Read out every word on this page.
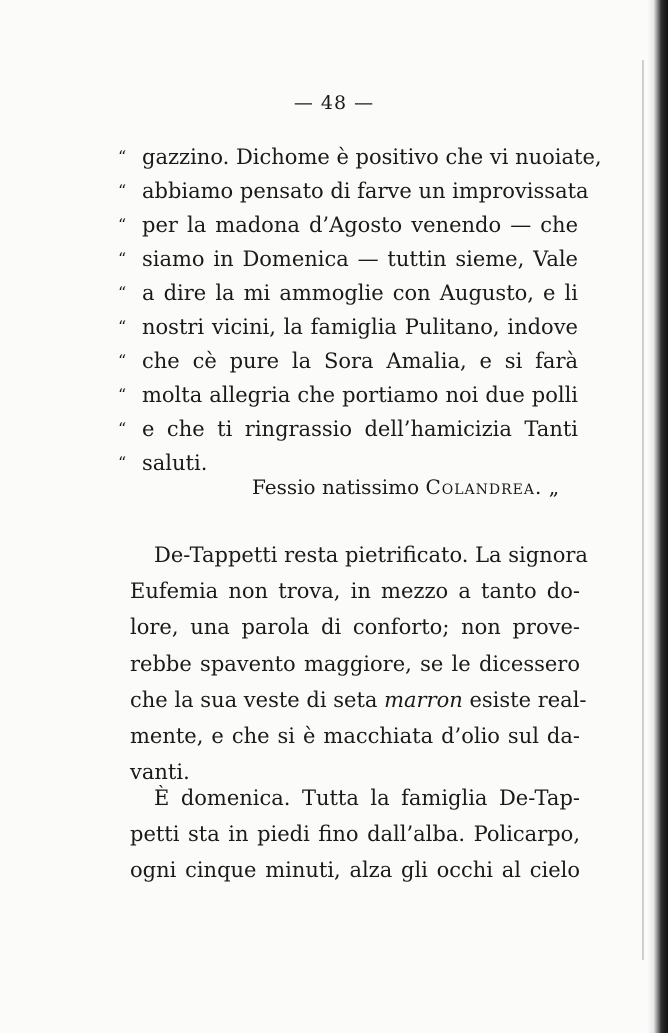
— 48 —
“ gazzino. Dichome è positivo che vi nuoiate,
“ abbiamo pensato di farve un improvissata
“ per la madona d’Agosto venendo — che
“ siamo in Domenica — tuttin sieme, Vale
“ a dire la mi ammoglie con Augusto, e li
“ nostri vicini, la famiglia Pulitano, indove
“ che cè pure la Sora Amalia, e si farà
“ molta allegria che portiamo noi due polli
“ e che ti ringrassio dell’hamicizia Tanti
“ saluti.
Fessio natissimo Colandrea. „
De-Tappetti resta pietrificato. La signora
Eufemia non trova, in mezzo a tanto do-
lore, una parola di conforto; non prove-
rebbe spavento maggiore, se le dicessero
che la sua veste di seta marron esiste real-
mente, e che si è macchiata d’olio sul da-
vanti.
È domenica. Tutta la famiglia De-Tap-
petti sta in piedi fino dall’alba. Policarpo,
ogni cinque minuti, alza gli occhi al cielo
